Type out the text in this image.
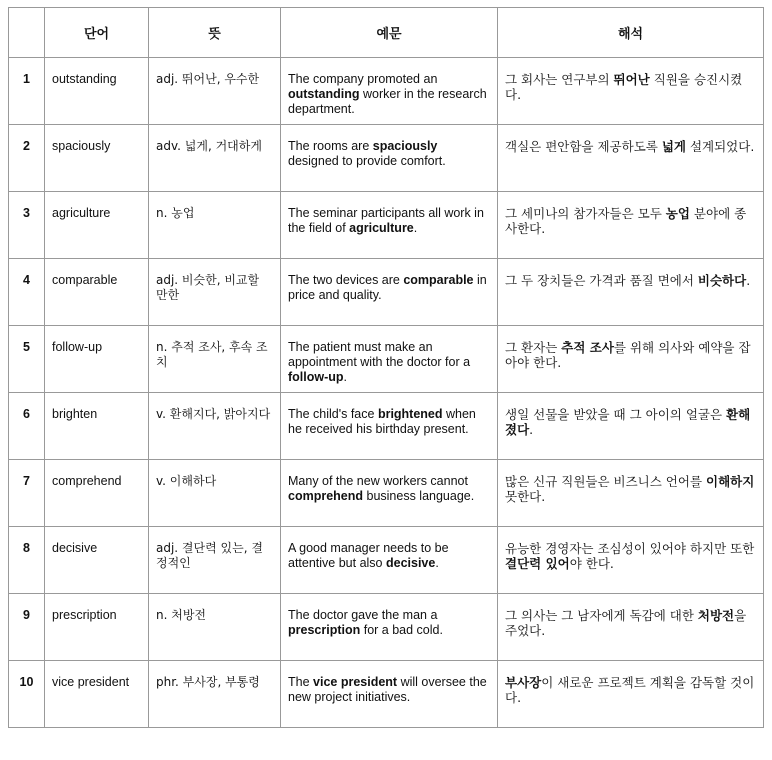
	단어	뜻	예문	해석
1	outstanding	adj. 뛰어난, 우수한	The company promoted an outstanding worker in the research department.	그 회사는 연구부의 뛰어난 직원을 승진시켰다.
2	spaciously	adv. 넓게, 거대하게	The rooms are spaciously designed to provide comfort.	객실은 편안함을 제공하도록 넓게 설계되었다.
3	agriculture	n. 농업	The seminar participants all work in the field of agriculture.	그 세미나의 참가자들은 모두 농업 분야에 종사한다.
4	comparable	adj. 비슷한, 비교할 만한	The two devices are comparable in price and quality.	그 두 장치들은 가격과 품질 면에서 비슷하다.
5	follow-up	n. 추적 조사, 후속 조치	The patient must make an appointment with the doctor for a follow-up.	그 환자는 추적 조사를 위해 의사와 예약을 잡아야 한다.
6	brighten	v. 환해지다, 밝아지다	The child's face brightened when he received his birthday present.	생일 선물을 받았을 때 그 아이의 얼굴은 환해졌다.
7	comprehend	v. 이해하다	Many of the new workers cannot comprehend business language.	많은 신규 직원들은 비즈니스 언어를 이해하지 못한다.
8	decisive	adj. 결단력 있는, 결정적인	A good manager needs to be attentive but also decisive.	유능한 경영자는 조심성이 있어야 하지만 또한 결단력 있어야 한다.
9	prescription	n. 처방전	The doctor gave the man a prescription for a bad cold.	그 의사는 그 남자에게 독감에 대한 처방전을 주었다.
10	vice president	phr. 부사장, 부통령	The vice president will oversee the new project initiatives.	부사장이 새로운 프로젝트 계획을 감독할 것이다.
